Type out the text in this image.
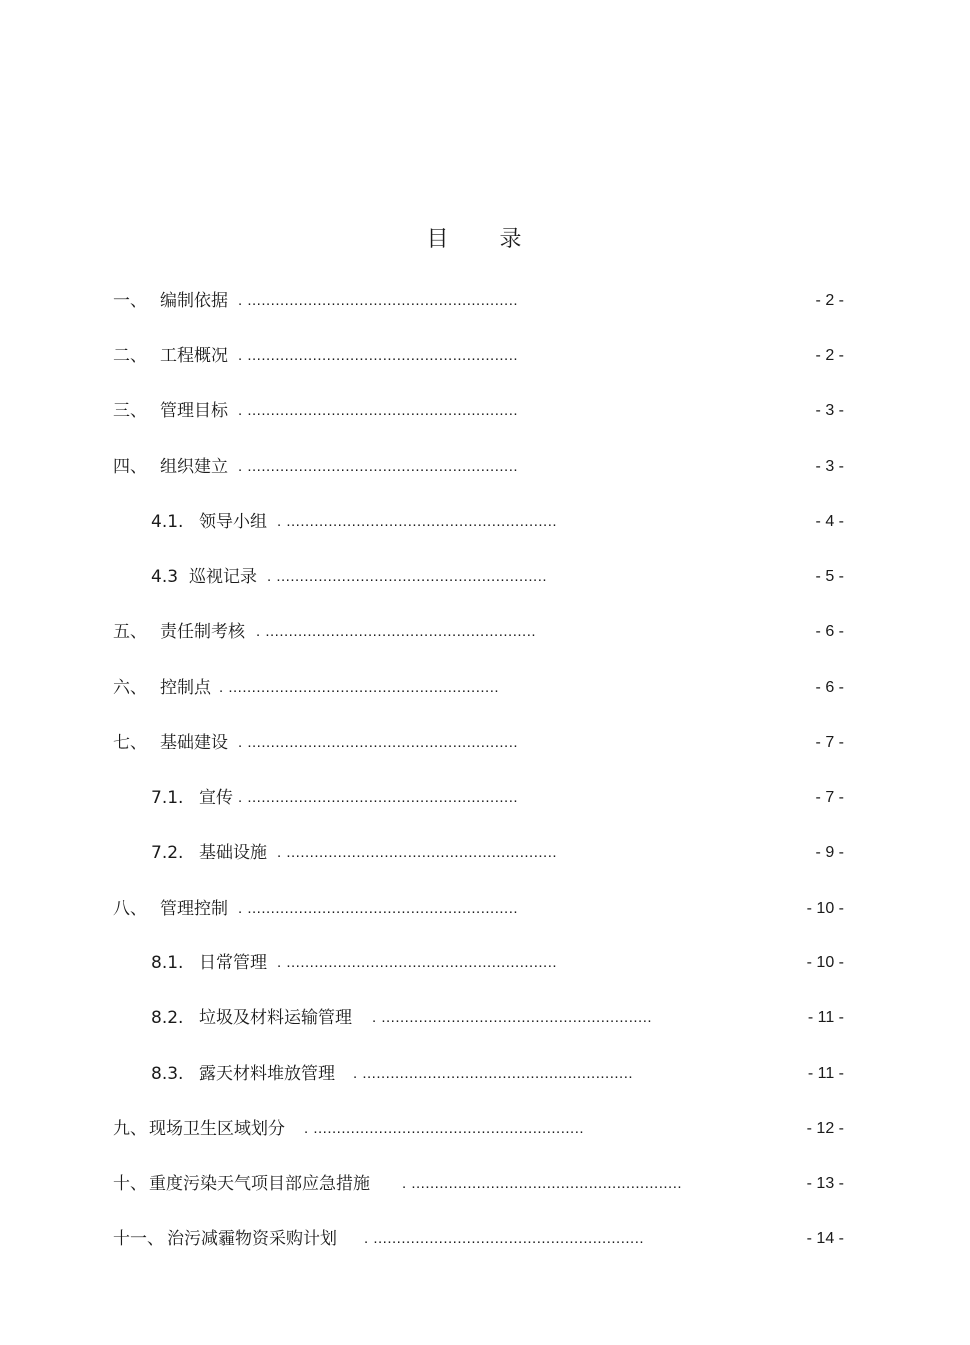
目 录
一、 编制依据 . ..........................................................	- 2 -
二、 工程概况 . ..........................................................	- 2 -
三、 管理目标 . ..........................................................	- 3 -
四、 组织建立 . ..........................................................	- 3 -
4.1. 领导小组 . ..........................................................	- 4 -
4.3 巡视记录 . ..........................................................	- 5 -
五、 责任制考核 . ..........................................................	- 6 -
六、 控制点 . ..........................................................	- 6 -
七、 基础建设 . ..........................................................	- 7 -
7.1. 宣传 . ..........................................................	- 7 -
7.2. 基础设施 . ..........................................................	- 9 -
八、 管理控制 . ..........................................................	- 10 -
8.1. 日常管理 . ..........................................................	- 10 -
8.2. 垃圾及材料运输管理 . ..........................................................	- 11 -
8.3. 露天材料堆放管理 . ..........................................................	- 11 -
九、 现场卫生区域划分 . ..........................................................	- 12 -
十、 重度污染天气项目部应急措施 . ..........................................................	- 13 -
十一、 治污减霾物资采购计划 . ..........................................................	- 14 -
